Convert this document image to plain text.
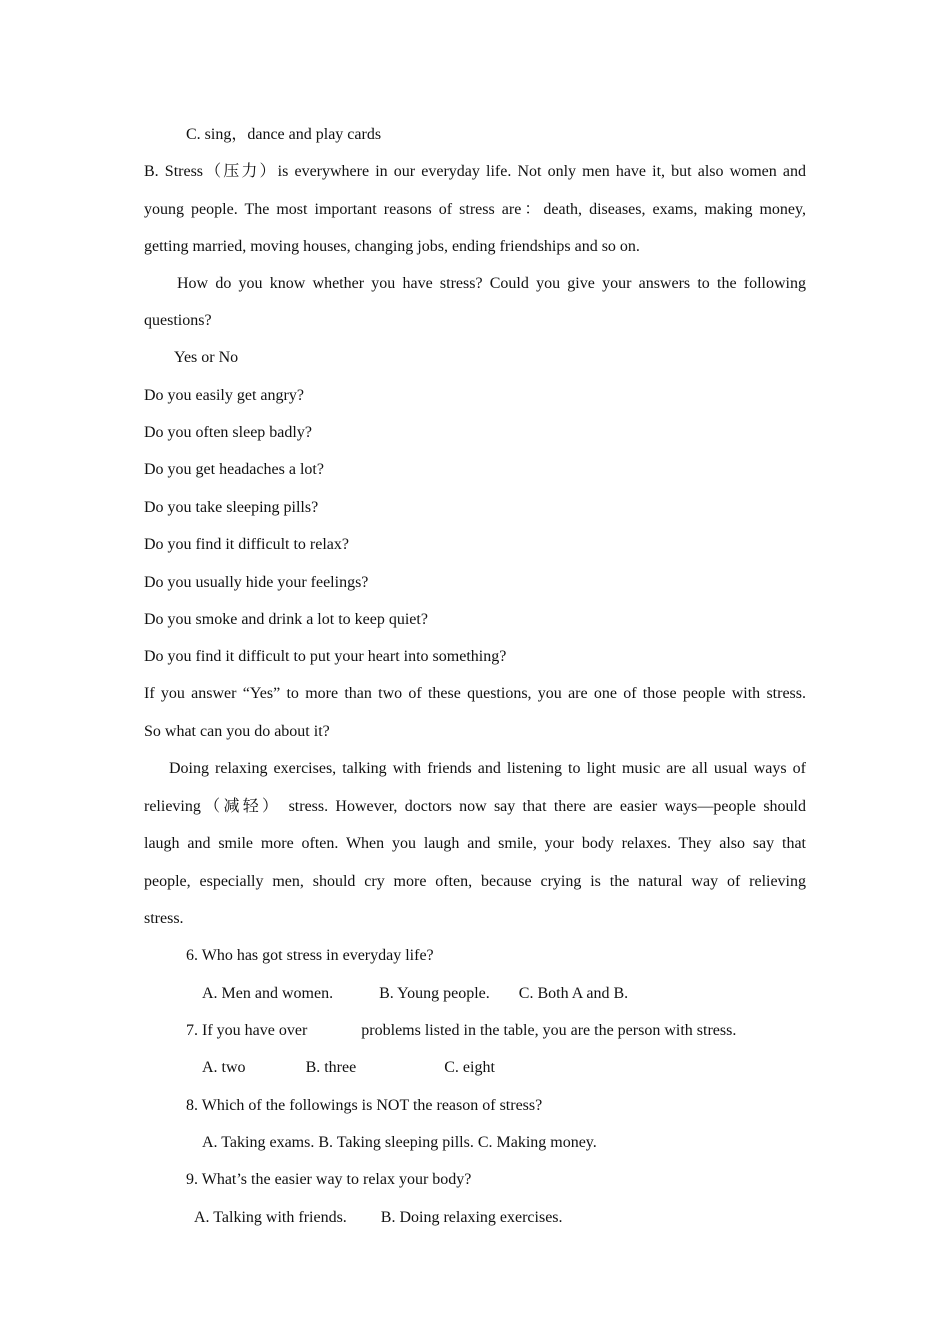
C. sing，dance and play cards
B. Stress（压力）is everywhere in our everyday life. Not only men have it, but also women and
young people. The most important reasons of stress are：death, diseases, exams, making money,
getting married, moving houses, changing jobs, ending friendships and so on.
How do you know whether you have stress? Could you give your answers to the following
questions?
Yes or No
Do you easily get angry?
Do you often sleep badly?
Do you get headaches a lot?
Do you take sleeping pills?
Do you find it difficult to relax?
Do you usually hide your feelings?
Do you smoke and drink a lot to keep quiet?
Do you find it difficult to put your heart into something?
If you answer “Yes” to more than two of these questions, you are one of those people with stress.
So what can you do about it?
Doing relaxing exercises, talking with friends and listening to light music are all usual ways of
relieving（减轻） stress. However, doctors now say that there are easier ways—people should
laugh and smile more often. When you laugh and smile, your body relaxes. They also say that
people, especially men, should cry more often, because crying is the natural way of relieving
stress.
6. Who has got stress in everyday life?
A. Men and women.	B. Young people. C. Both A and B.
7. If you have over	problems listed in the table, you are the person with stress.
A. two	B. three	C. eight
8. Which of the followings is NOT the reason of stress?
A. Taking exams. B. Taking sleeping pills. C. Making money.
9. What’s the easier way to relax your body?
A. Talking with friends. B. Doing relaxing exercises.
